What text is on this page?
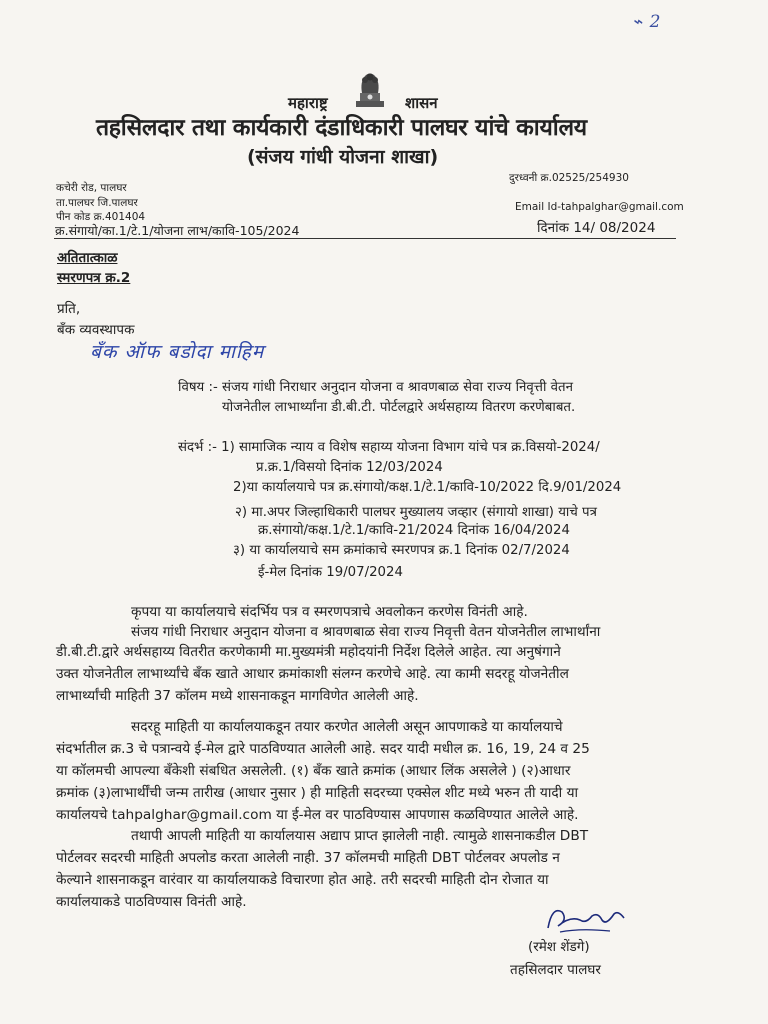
⌁ 2
महाराष्ट्र	शासन
तहसिलदार तथा कार्यकारी दंडाधिकारी पालघर यांचे कार्यालय
(संजय गांधी योजना शाखा)
कचेरी रोड, पालघर
ता.पालघर जि.पालघर
पीन कोड क्र.401404
दुरध्वनी क्र.02525/254930
Email Id-tahpalghar@gmail.com
क्र.संगायो/का.1/टे.1/योजना लाभ/कावि-105/2024	दिनांक 14/ 08/2024
अतितात्काळ
स्मरणपत्र क्र.2
प्रति,
बँक व्यवस्थापक
बँक ऑफ बडोदा माहिम
विषय :- संजय गांधी निराधार अनुदान योजना व श्रावणबाळ सेवा राज्य निवृत्ती वेतन
योजनेतील लाभार्थ्यांना डी.बी.टी. पोर्टलद्वारे अर्थसहाय्य वितरण करणेबाबत.
संदर्भ :- 1) सामाजिक न्याय व विशेष सहाय्य योजना विभाग यांचे पत्र क्र.विसयो-2024/
प्र.क्र.1/विसयो दिनांक 12/03/2024
2)या कार्यालयाचे पत्र क्र.संगायो/कक्ष.1/टे.1/कावि-10/2022 दि.9/01/2024
२) मा.अपर जिल्हाधिकारी पालघर मुख्यालय जव्हार (संगायो शाखा) याचे पत्र
क्र.संगायो/कक्ष.1/टे.1/कावि-21/2024 दिनांक 16/04/2024
३) या कार्यालयाचे सम क्रमांकाचे स्मरणपत्र क्र.1 दिनांक 02/7/2024
ई-मेल दिनांक 19/07/2024
कृपया या कार्यालयाचे संदर्भिय पत्र व स्मरणपत्राचे अवलोकन करणेस विनंती आहे.
संजय गांधी निराधार अनुदान योजना व श्रावणबाळ सेवा राज्य निवृत्ती वेतन योजनेतील लाभार्थांना
डी.बी.टी.द्वारे अर्थसहाय्य वितरीत करणेकामी मा.मुख्यमंत्री महोदयांनी निर्देश दिलेले आहेत. त्या अनुषंगाने
उक्त योजनेतील लाभार्थ्यांचे बँक खाते आधार क्रमांकाशी संलग्न करणेचे आहे. त्या कामी सदरहू योजनेतील
लाभार्थ्यांची माहिती 37 कॉलम मध्ये शासनाकडून मागविणेत आलेली आहे.
सदरहू माहिती या कार्यालयाकडून तयार करणेत आलेली असून आपणाकडे या कार्यालयाचे
संदर्भातील क्र.3 चे पत्रान्वये ई-मेल द्वारे पाठविण्यात आलेली आहे. सदर यादी मधील क्र. 16, 19, 24 व 25
या कॉलमची आपल्या बँकेशी संबधित असलेली. (१) बँक खाते क्रमांक (आधार लिंक असलेले ) (२)आधार
क्रमांक (३)लाभार्थींची जन्म तारीख (आधार नुसार ) ही माहिती सदरच्या एक्सेल शीट मध्ये भरुन ती यादी या
कार्यालयचे tahpalghar@gmail.com या ई-मेल वर पाठविण्यास आपणास कळविण्यात आलेले आहे.
तथापी आपली माहिती या कार्यालयास अद्याप प्राप्त झालेली नाही. त्यामुळे शासनाकडील DBT
पोर्टलवर सदरची माहिती अपलोड करता आलेली नाही. 37 कॉलमची माहिती DBT पोर्टलवर अपलोड न
केल्याने शासनाकडून वारंवार या कार्यालयाकडे विचारणा होत आहे. तरी सदरची माहिती दोन रोजात या
कार्यालयाकडे पाठविण्यास विनंती आहे.
(रमेश शेंडगे)
तहसिलदार पालघर
